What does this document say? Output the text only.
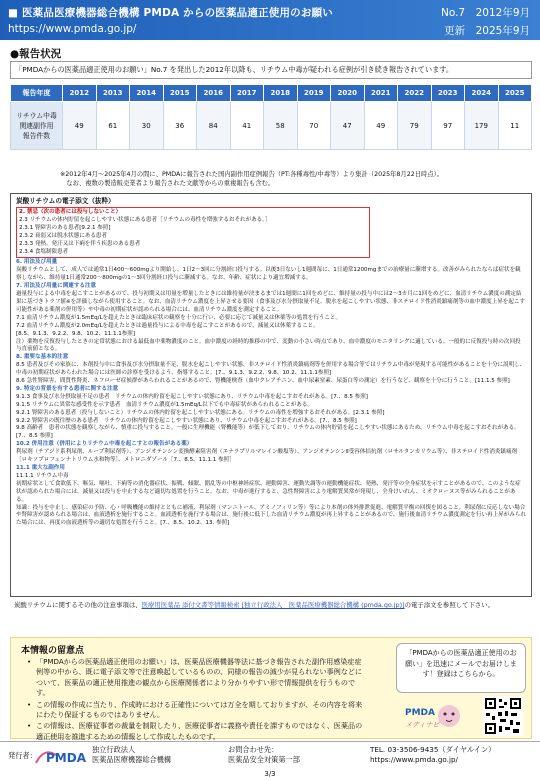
■ 医薬品医療機器総合機構 PMDA からの医薬品適正使用のお願い
https://www.pmda.go.jp/
No.7　2012年9月
更新　2025年9月
●報告状況
「PMDAからの医薬品適正使用のお願い」No.7 を発出した2012年以降も、リチウム中毒が疑われる症例が引き続き報告されています。
報告年度	2012	2013	2014	2015	2016	2017	2018	2019	2020	2021	2022	2023	2024	2025

リチウム中毒
関連副作用
報告件数	49	61	30	36	84	41	58	70	47	49	79	97	179	11
※2012年4月～2025年4月の間に、PMDAに報告された国内副作用症例報告（PT:各種毒性/中毒等）より集計（2025年8月22日時点）。
　なお、複数の製造販売業者より報告された文献等からの重複報告も含む。
炭酸リチウムの電子添文（抜粋）
2. 禁忌（次の患者には投与しないこと）
2.3 リチウムの体内貯留を起こしやすい状態にある患者［リチウムの毒性を増強するおそれがある。］
2.3.1 腎障害のある患者[9.2.1 参照]
2.3.2 衰弱又は脱水状態にある患者
2.3.3 発熱、発汗又は下痢を伴う疾患のある患者
2.3.4 食塩制限患者
6. 用法及び用量
炭酸リチウムとして、成人では通常1日400～600mgより開始し、1日2～3回に分割経口投与する。以後3日ないし1週間毎に、1日通常1200mgまでの治療量に漸増する。改善がみられたならば症状を観察しながら、維持量1日通常200～800mgの1～3回分割経口投与に漸減する。なお、年齢、症状により適宜増減する。
7. 用法及び用量に関連する注意
過量投与による中毒を起こすことがあるので、投与初期又は用量を増量したときには維持量が決まるまでは1週間に1回をめどに、維持量の投与中には2～3カ月に1回をめどに、血清リチウム濃度の測定結果に基づきトラフ値※を評価しながら使用すること。なお、血清リチウム濃度を上昇させる要因（食事及び水分摂取量不足、脱水を起こしやすい状態、非ステロイド性消炎鎮痛剤等の血中濃度上昇を起こす可能性がある薬剤の併用等）や中毒の初期症状が認められる場合には、血清リチウム濃度を測定すること。
7.1 血清リチウム濃度が1.5mEq/Lを超えたときは臨床症状の観察を十分に行い、必要に応じて減量又は休薬等の処置を行うこと。
7.2 血清リチウム濃度が2.0mEq/Lを超えたときは過量投与による中毒を起こすことがあるので、減量又は休薬すること。
[8.5、9.1.3、9.2.2、9.8、10.2、11.1.1参照]
注）薬物を反復投与したときの定常状態における最低血中薬物濃度のこと。血中濃度の経時的推移の中で、変動の小さい時点であり、血中濃度のモニタリングに適している。一般的に反復投与時の次回投与直前値となる。
8. 重要な基本的注意
8.5 患者及びその家族に、本剤投与中に食事及び水分摂取量不足、脱水を起こしやすい状態、非ステロイド性消炎鎮痛剤等を併用する場合等ではリチウム中毒が発現する可能性があることを十分に説明し、中毒の初期症状があらわれた場合には医師の診察を受けるよう、指導すること。[7.、9.1.3、9.2.2、9.8、10.2、11.1.1参照]
8.6 急性腎障害、間質性腎炎、ネフローゼ症候群があらわれることがあるので、腎機能検査（血中クレアチニン、血中尿素窒素、尿蛋白等の測定）を行うなど、観察を十分に行うこと。[11.1.5 参照]
9. 特定の背景を有する患者に関する注意
9.1.3 食事及び水分摂取量不足の患者　リチウムの体内貯留を起こしやすい状態にあり、リチウム中毒を起こすおそれがある。[7.、8.5 参照]
9.1.5 リチウムに異常な感受性を示す患者　血清リチウム濃度が1.5mEq/L以下でも中毒症状があらわれることがある。
9.2.1 腎障害のある患者（投与しないこと）リチウムの体内貯留を起こしやすい状態にある。リチウムの毒性を増強するおそれがある。[2.3.1 参照]
9.2.2 腎障害の既往歴のある患者　リチウムの体内貯留を起こしやすい状態にあり、リチウム中毒を起こすおそれがある。[7.、8.5 参照]
9.8 高齢者　患者の状態を観察しながら、慎重に投与すること。一般に生理機能（腎機能等）が低下しており、リチウムの体内貯留を起こしやすい状態にあるため、リチウム中毒を起こすおそれがある。[7.、8.5 参照]
10.2 併用注意（併用によりリチウム中毒を起こすとの報告がある薬）
利尿剤（チアジド系利尿剤、ループ利尿剤等）、アンジオテンシン変換酵素阻害剤（エナラプリルマレイン酸塩等）、アンジオテンシンⅡ受容体拮抗剤（ロサルタンカリウム等）、非ステロイド性消炎鎮痛剤［ロキソプロフェンナトリウム水和物等］、メトロニダゾール［7.、8.5、11.1.1 参照］
11.1 重大な副作用
11.1.1 リチウム中毒
初期症状として食欲低下、嘔気、嘔吐、下痢等の消化器症状、振戦、傾眠、錯乱等の中枢神経症状、運動障害、運動失調等の運動機能症状、発熱、発汗等の全身症状を示すことがあるので、このような症状が認められた場合には、減量又は投与を中止するなど適切な処置を行うこと。なお、中毒が進行すると、急性腎障害により電解質異常が発現し、全身けいれん、ミオクローヌス等がみられることがある。
知識：投与を中止し、感染症の予防、心・呼吸機能の維持とともに補液、利尿剤（マンニトール、アミノフィリン等）等により本剤の体外排泄促進、電解質平衡の回復を図ること。利尿剤に反応しない場合や腎障害が認められる場合は、血液透析を施行すること。血液透析を施行する場合は、施行後に低下した血清リチウム濃度が再上昇することがあるので、施行後血清リチウム濃度測定を行い再上昇がみられた場合には、再度の血液透析等の適切な処置を行うこと。[7.、8.5、10.2、13. 参照]
炭酸リチウムに関するその他の注意事項は、医療用医薬品 添付文書等情報検索 [独立行政法人　医薬品医療機器総合機構 (pmda.go.jp)]の電子添文を参照して下さい。
本情報の留意点
• 「PMDAからの医薬品適正使用のお願い」は、医薬品医療機器等法に基づき報告された副作用感染症症例等の中から、既に電子添文等で注意喚起しているものの、同様の報告の減少が見られない事例などについて、医薬品の適正使用推進の観点から医療関係者により分かりやすい形で情報提供を行うものです。
• この情報の作成に当たり、作成時における正確性については万全を期しておりますが、その内容を将来にわたり保証するものではありません。
• この情報は、医療従事者の裁量を制限したり、医療従事者に義務や責任を課すものではなく、医薬品の適正使用を推進するための情報として作成したものです。
「PMDAからの医薬品適正使用のお願い」を迅速にメールでお届けします！登録はこちらから。
PMDA
メディナビ
発行者： PMDA
独立行政法人
医薬品医療機器総合機構
お問合わせ先：
医薬品安全対策第一部
TEL. 03-3506-9435（ダイヤルイン）
https://www.pmda.go.jp/
3/3
